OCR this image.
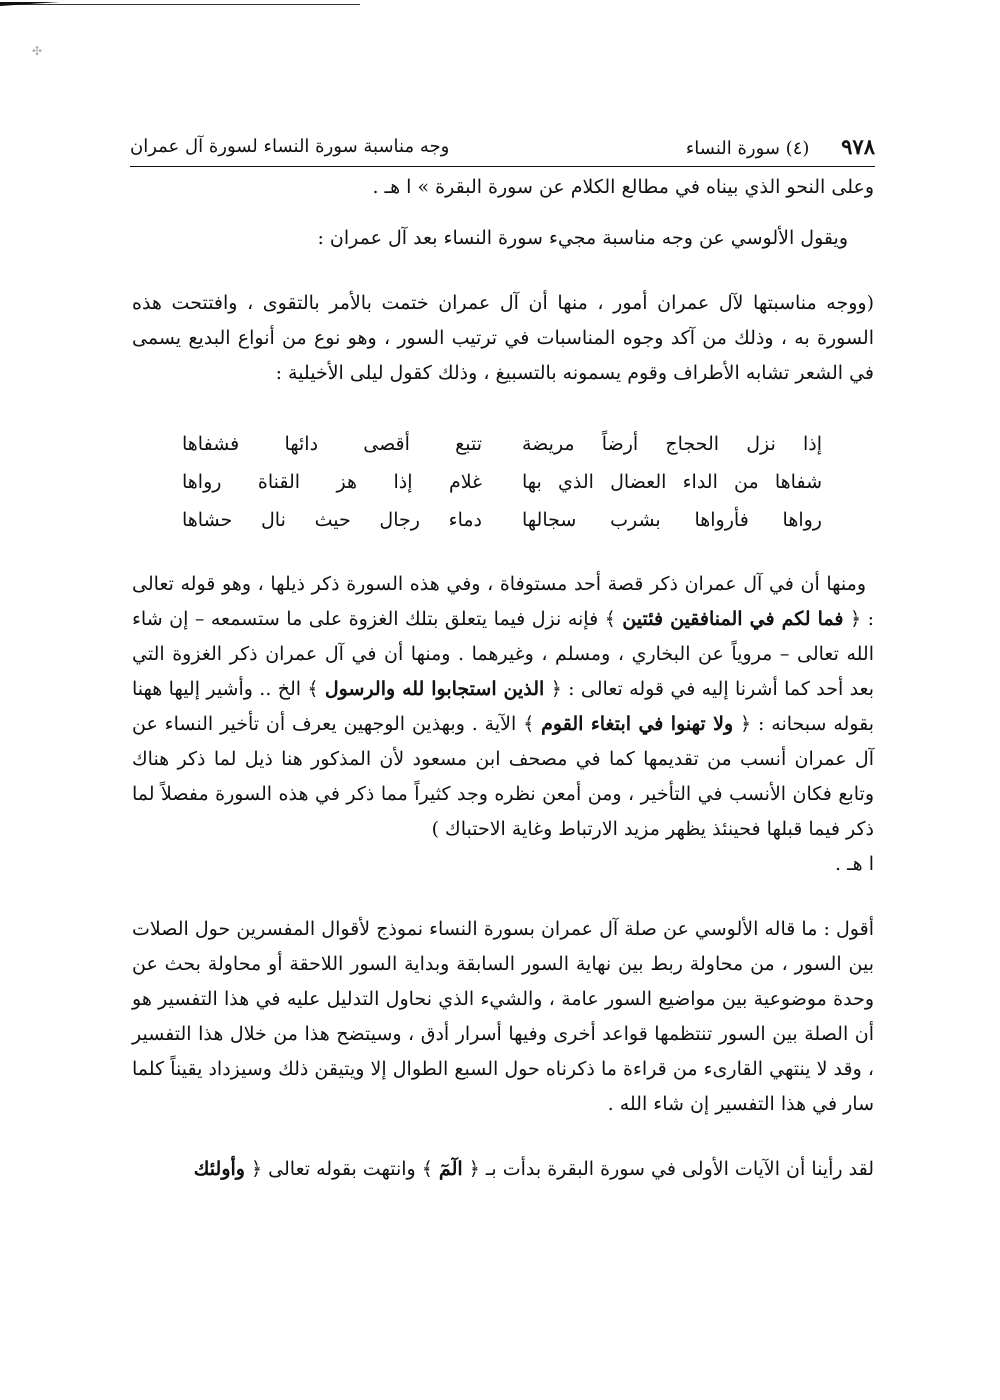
✣
٩٧٨ (٤) سورة النساء
وجه مناسبة سورة النساء لسورة آل عمران

وعلى النحو الذي بيناه في مطالع الكلام عن سورة البقرة » ا هـ .

ويقول الألوسي عن وجه مناسبة مجيء سورة النساء بعد آل عمران :

(ووجه مناسبتها لآل عمران أمور ، منها أن آل عمران ختمت بالأمر بالتقوى ، وافتتحت هذه السورة به ، وذلك من آكد وجوه المناسبات في ترتيب السور ، وهو نوع من أنواع البديع يسمى في الشعر تشابه الأطراف وقوم يسمونه بالتسبيغ ، وذلك كقول ليلى الأخيلية :

إذا نزل الحجاج أرضاً مريضة
تتبع أقصى دائها فشفاها
شفاها من الداء العضال الذي بها
غلام إذا هز القناة رواها
رواها فأرواها بشرب سجالها
دماء رجال حيث نال حشاها

ومنها أن في آل عمران ذكر قصة أحد مستوفاة ، وفي هذه السورة ذكر ذيلها ، وهو قوله تعالى : ﴿ فما لكم في المنافقين فئتين ﴾ فإنه نزل فيما يتعلق بتلك الغزوة على ما ستسمعه – إن شاء الله تعالى – مروياً عن البخاري ، ومسلم ، وغيرهما . ومنها أن في آل عمران ذكر الغزوة التي بعد أحد كما أشرنا إليه في قوله تعالى : ﴿ الذين استجابوا لله والرسول ﴾ الخ .. وأشير إليها ههنا بقوله سبحانه : ﴿ ولا تهنوا في ابتغاء القوم ﴾ الآية . وبهذين الوجهين يعرف أن تأخير النساء عن آل عمران أنسب من تقديمها كما في مصحف ابن مسعود لأن المذكور هنا ذيل لما ذكر هناك وتابع فكان الأنسب في التأخير ، ومن أمعن نظره وجد كثيراً مما ذكر في هذه السورة مفصلاً لما ذكر فيما قبلها فحينئذ يظهر مزيد الارتباط وغاية الاحتباك )
ا هـ .

أقول : ما قاله الألوسي عن صلة آل عمران بسورة النساء نموذج لأقوال المفسرين حول الصلات بين السور ، من محاولة ربط بين نهاية السور السابقة وبداية السور اللاحقة أو محاولة بحث عن وحدة موضوعية بين مواضيع السور عامة ، والشيء الذي نحاول التدليل عليه في هذا التفسير هو أن الصلة بين السور تنتظمها قواعد أخرى وفيها أسرار أدق ، وسيتضح هذا من خلال هذا التفسير ، وقد لا ينتهي القارىء من قراءة ما ذكرناه حول السبع الطوال إلا ويتيقن ذلك وسيزداد يقيناً كلما سار في هذا التفسير إن شاء الله .

لقد رأينا أن الآيات الأولى في سورة البقرة بدأت بـ ﴿ الٓمٓ ﴾ وانتهت بقوله تعالى ﴿ وأولئك
